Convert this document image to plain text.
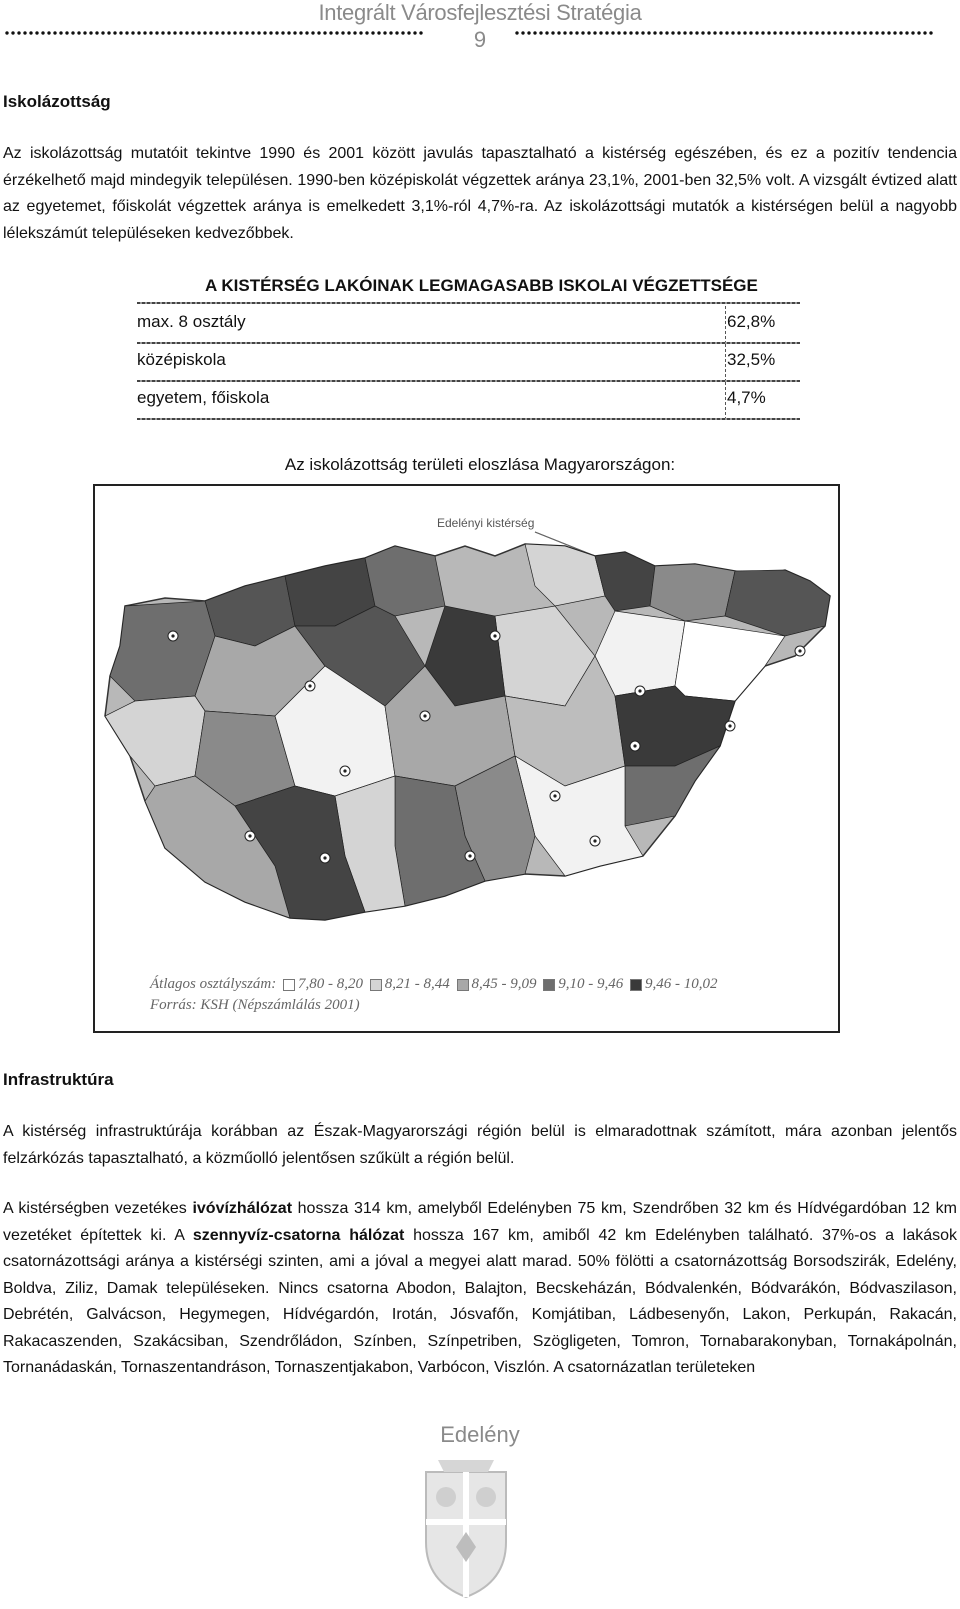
Integrált Városfejlesztési Stratégia
9
Iskolázottság

Az iskolázottság mutatóit tekintve 1990 és 2001 között javulás tapasztalható a kistérség egészében, és ez a pozitív tendencia érzékelhető majd mindegyik településen. 1990-ben középiskolát végzettek aránya 23,1%, 2001-ben 32,5% volt. A vizsgált évtized alatt az egyetemet, főiskolát végzettek aránya is emelkedett 3,1%-ról 4,7%-ra. Az iskolázottsági mutatók a kistérségen belül a nagyobb lélekszámút településeken kedvezőbbek.

A KISTÉRSÉG LAKÓINAK LEGMAGASABB ISKOLAI VÉGZETTSÉGE
max. 8 osztály	62,8%
középiskola	32,5%
egyetem, főiskola	4,7%
Az iskolázottság területi eloszlása Magyarországon:
Edelényi kistérség
Átlagos osztályszám: 7,80 - 8,20 8,21 - 8,44 8,45 - 9,09 9,10 - 9,46 9,46 - 10,02
Forrás: KSH (Népszámlálás 2001)
Infrastruktúra

A kistérség infrastruktúrája korábban az Észak-Magyarországi régión belül is elmaradottnak számított, mára azonban jelentős felzárkózás tapasztalható, a közműolló jelentősen szűkült a régión belül.

A kistérségben vezetékes ivóvízhálózat hossza 314 km, amelyből Edelényben 75 km, Szendrőben 32 km és Hídvégardóban 12 km vezetéket építettek ki. A szennyvíz-csatorna hálózat hossza 167 km, amiből 42 km Edelényben található. 37%-os a lakások csatornázottsági aránya a kistérségi szinten, ami a jóval a megyei alatt marad. 50% fölötti a csatornázottság Borsodszirák, Edelény, Boldva, Ziliz, Damak településeken. Nincs csatorna Abodon, Balajton, Becskeházán, Bódvalenkén, Bódvarákón, Bódvaszilason, Debrétén, Galvácson, Hegymegen, Hídvégardón, Irotán, Jósvafőn, Komjátiban, Ládbesenyőn, Lakon, Perkupán, Rakacán, Rakacaszenden, Szakácsiban, Szendrőládon, Színben, Színpetriben, Szögligeten, Tomron, Tornabarakonyban, Tornakápolnán, Tornanádaskán, Tornaszentandráson, Tornaszentjakabon, Varbócon, Viszlón. A csatornázatlan területeken

Edelény
